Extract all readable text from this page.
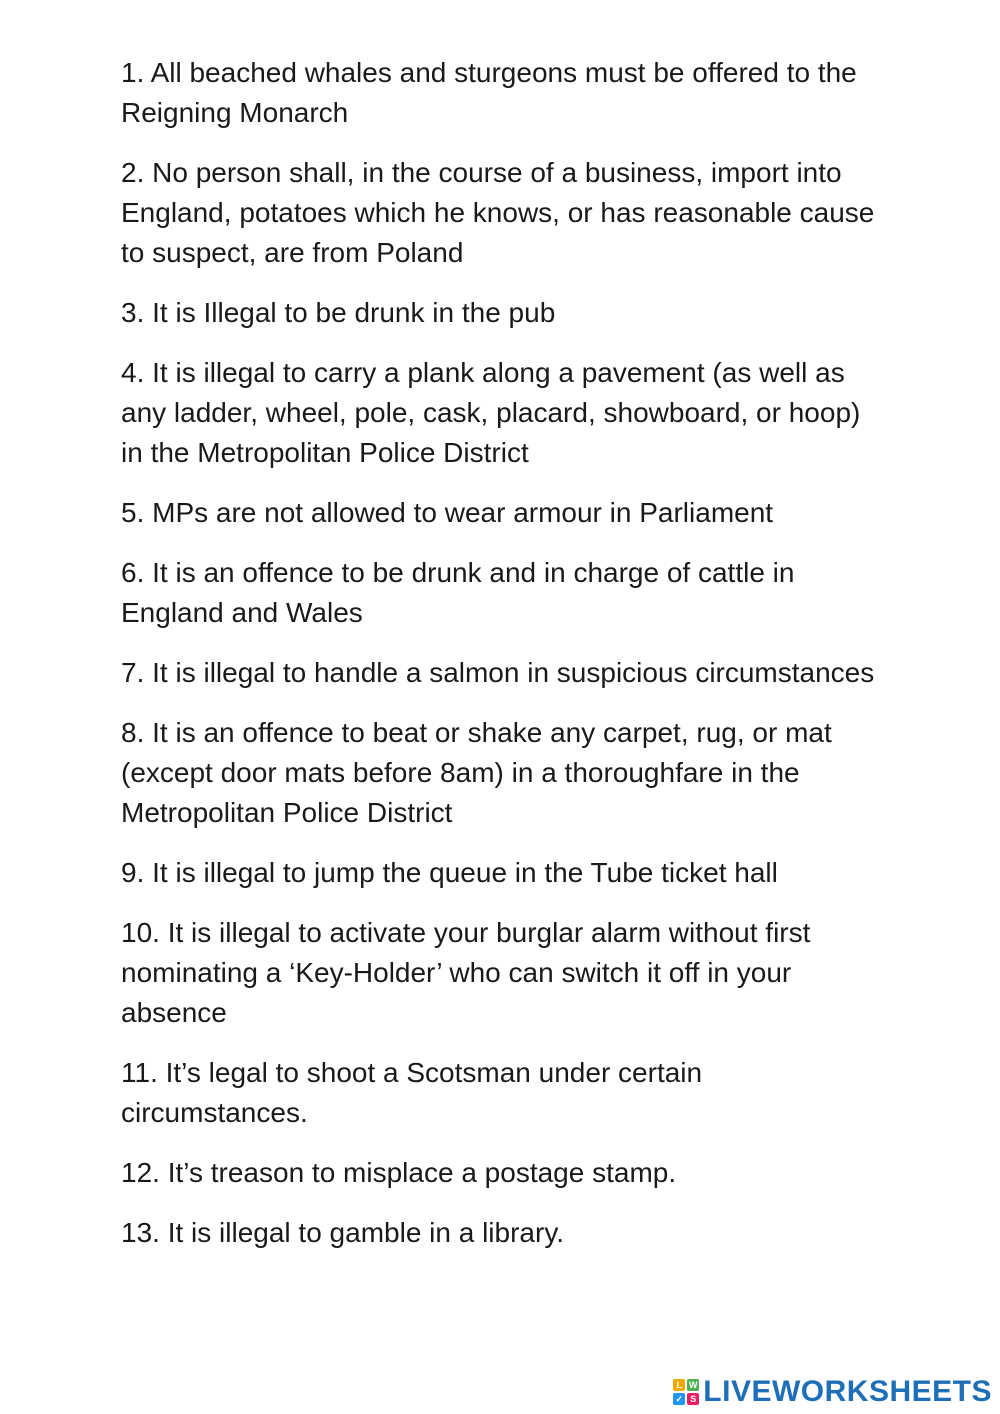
1. All beached whales and sturgeons must be offered to the Reigning Monarch
2. No person shall, in the course of a business, import into England, potatoes which he knows, or has reasonable cause to suspect, are from Poland
3. It is Illegal to be drunk in the pub
4. It is illegal to carry a plank along a pavement (as well as any ladder, wheel, pole, cask, placard, showboard, or hoop) in the Metropolitan Police District
5. MPs are not allowed to wear armour in Parliament
6. It is an offence to be drunk and in charge of cattle in England and Wales
7. It is illegal to handle a salmon in suspicious circumstances
8. It is an offence to beat or shake any carpet, rug, or mat (except door mats before 8am) in a thoroughfare in the Metropolitan Police District
9. It is illegal to jump the queue in the Tube ticket hall
10. It is illegal to activate your burglar alarm without first nominating a ‘Key-Holder’ who can switch it off in your absence
11. It’s legal to shoot a Scotsman under certain circumstances.
12. It’s treason to misplace a postage stamp.
13. It is illegal to gamble in a library.
L W
✓ S LIVEWORKSHEETS
